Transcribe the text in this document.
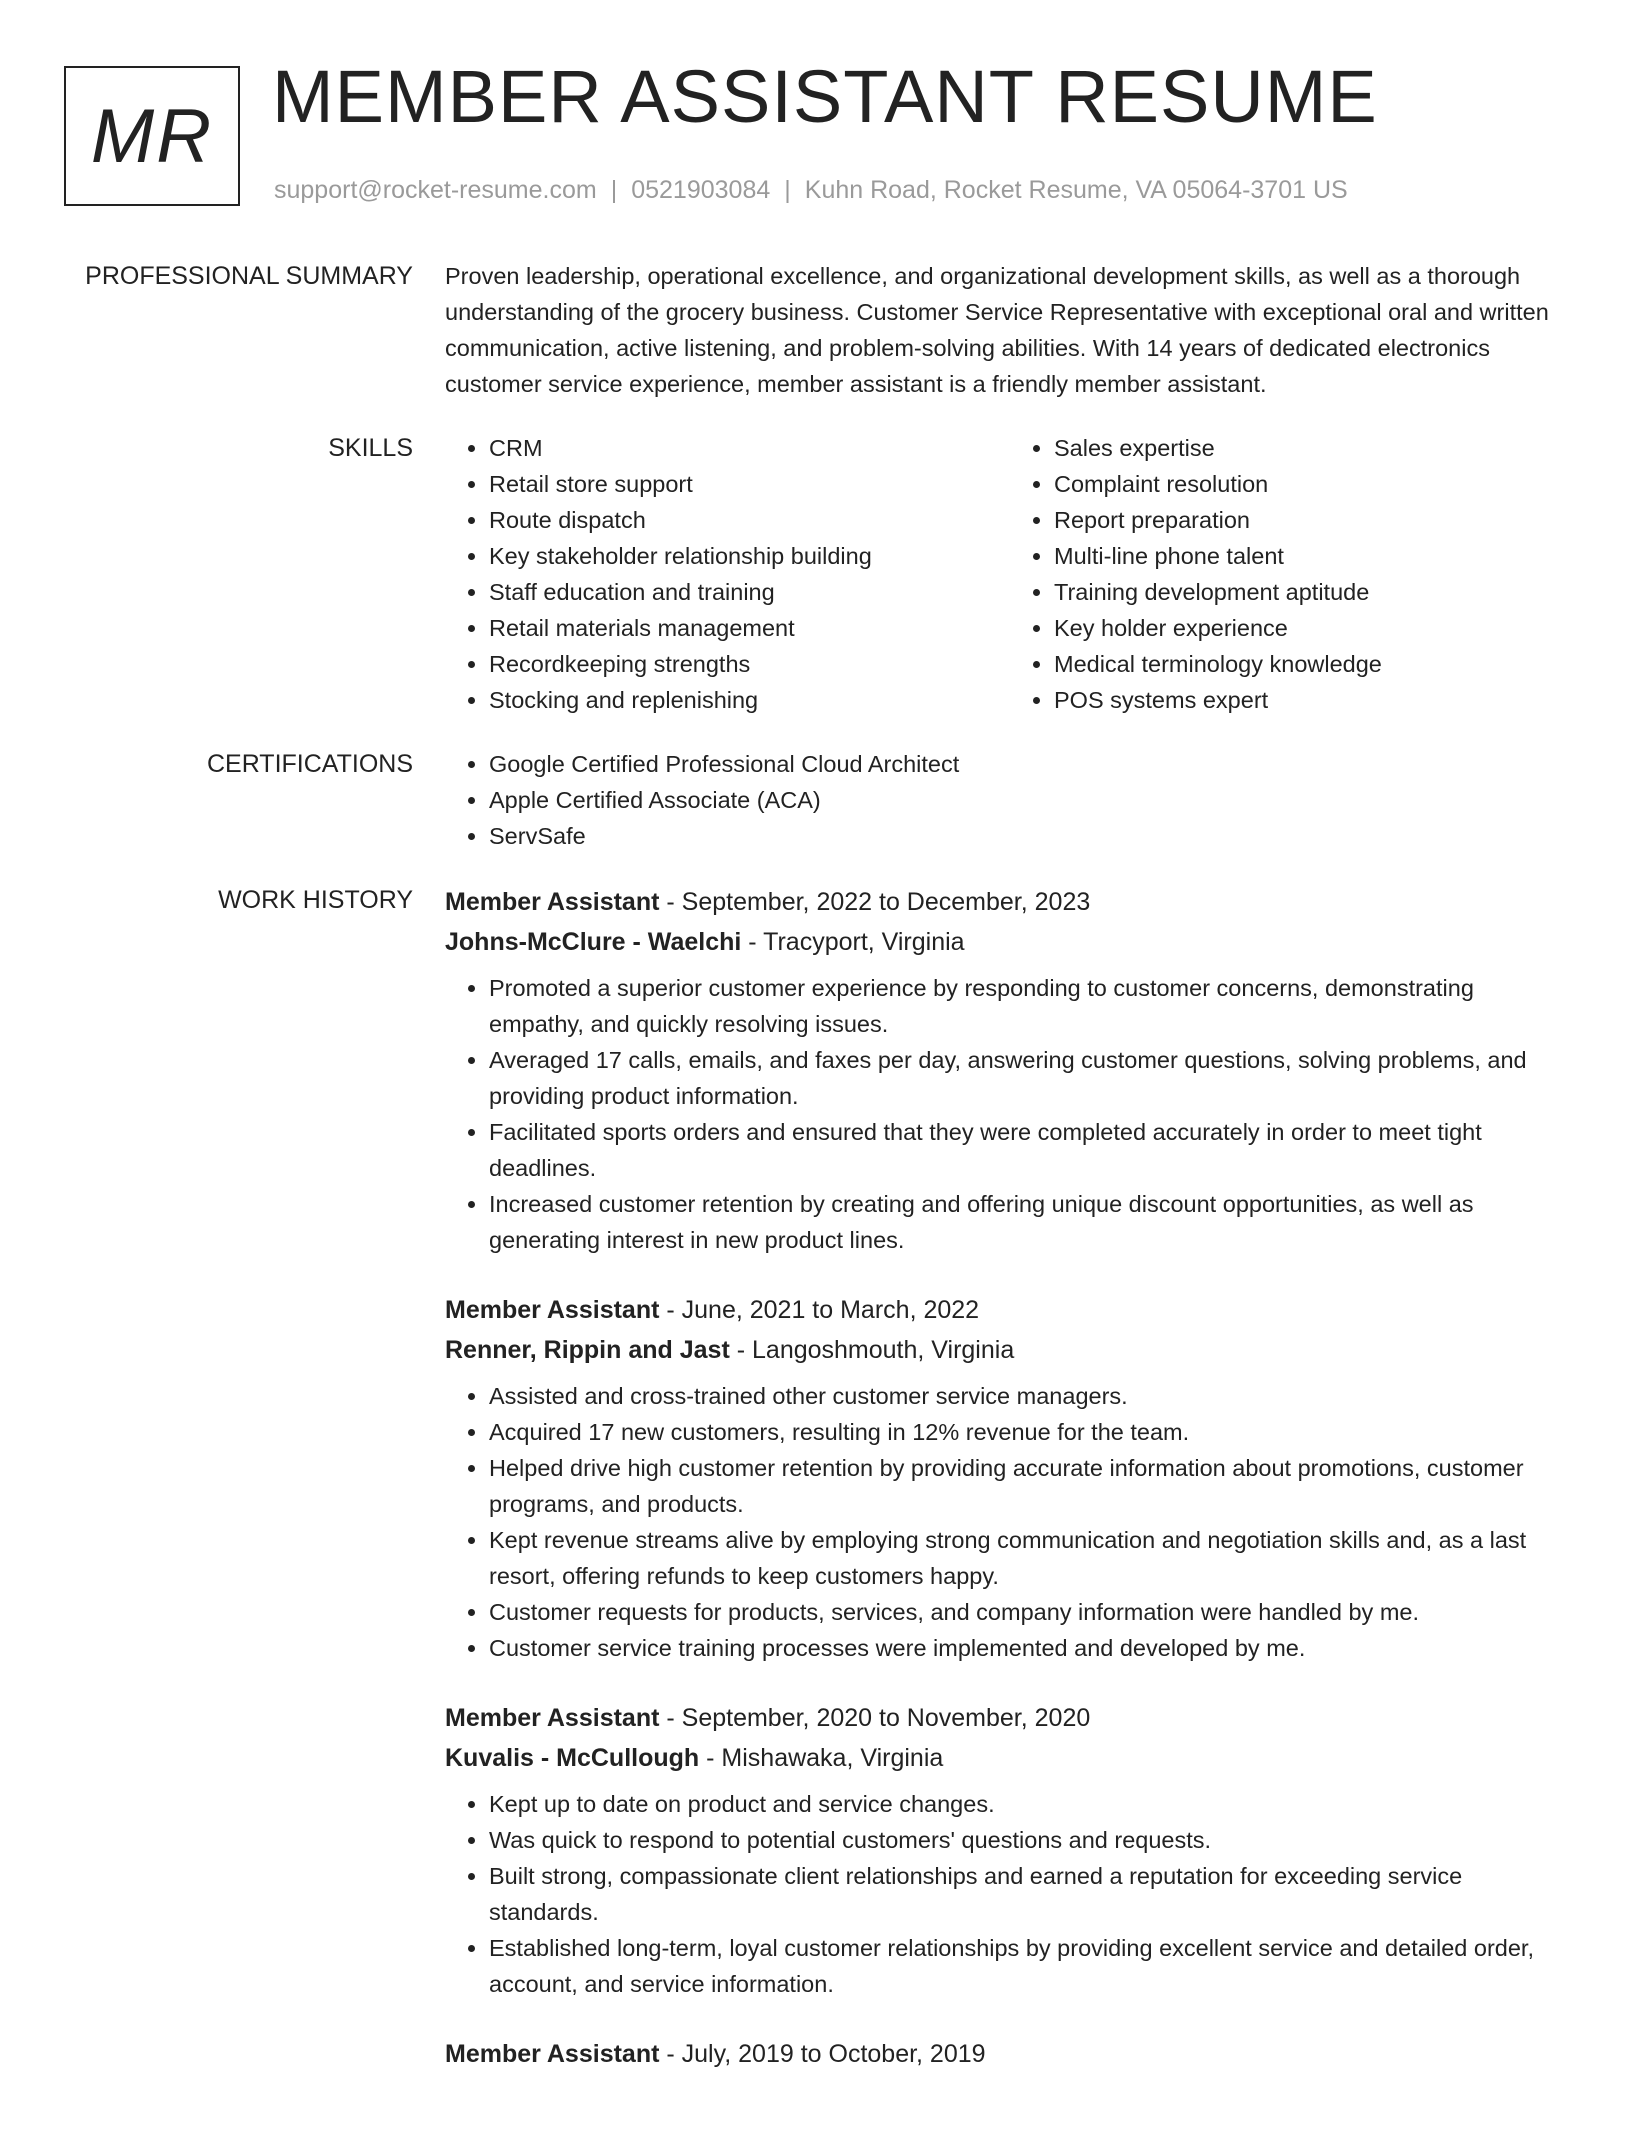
MR MEMBER ASSISTANT RESUME
support@rocket-resume.com | 0521903084 | Kuhn Road, Rocket Resume, VA 05064-3701 US
PROFESSIONAL SUMMARY Proven leadership, operational excellence, and organizational development skills, as well as a thorough understanding of the grocery business. Customer Service Representative with exceptional oral and written communication, active listening, and problem-solving abilities. With 14 years of dedicated electronics customer service experience, member assistant is a friendly member assistant.

SKILLS	• CRM
• Retail store support
• Route dispatch
• Key stakeholder relationship building
• Staff education and training
• Retail materials management
• Recordkeeping strengths
• Stocking and replenishing
• Sales expertise
• Complaint resolution
• Report preparation
• Multi-line phone talent
• Training development aptitude
• Key holder experience
• Medical terminology knowledge
• POS systems expert
CERTIFICATIONS	• Google Certified Professional Cloud Architect
• Apple Certified Associate (ACA)
• ServSafe
WORK HISTORY Member Assistant - September, 2022 to December, 2023
Johns-McClure - Waelchi - Tracyport, Virginia
• Promoted a superior customer experience by responding to customer concerns, demonstrating empathy, and quickly resolving issues.
• Averaged 17 calls, emails, and faxes per day, answering customer questions, solving problems, and providing product information.
• Facilitated sports orders and ensured that they were completed accurately in order to meet tight deadlines.
• Increased customer retention by creating and offering unique discount opportunities, as well as generating interest in new product lines.
Member Assistant - June, 2021 to March, 2022
Renner, Rippin and Jast - Langoshmouth, Virginia
• Assisted and cross-trained other customer service managers.
• Acquired 17 new customers, resulting in 12% revenue for the team.
• Helped drive high customer retention by providing accurate information about promotions, customer programs, and products.
• Kept revenue streams alive by employing strong communication and negotiation skills and, as a last resort, offering refunds to keep customers happy.
• Customer requests for products, services, and company information were handled by me.
• Customer service training processes were implemented and developed by me.
Member Assistant - September, 2020 to November, 2020
Kuvalis - McCullough - Mishawaka, Virginia
• Kept up to date on product and service changes.
• Was quick to respond to potential customers' questions and requests.
• Built strong, compassionate client relationships and earned a reputation for exceeding service standards.
• Established long-term, loyal customer relationships by providing excellent service and detailed order, account, and service information.
Member Assistant - July, 2019 to October, 2019
